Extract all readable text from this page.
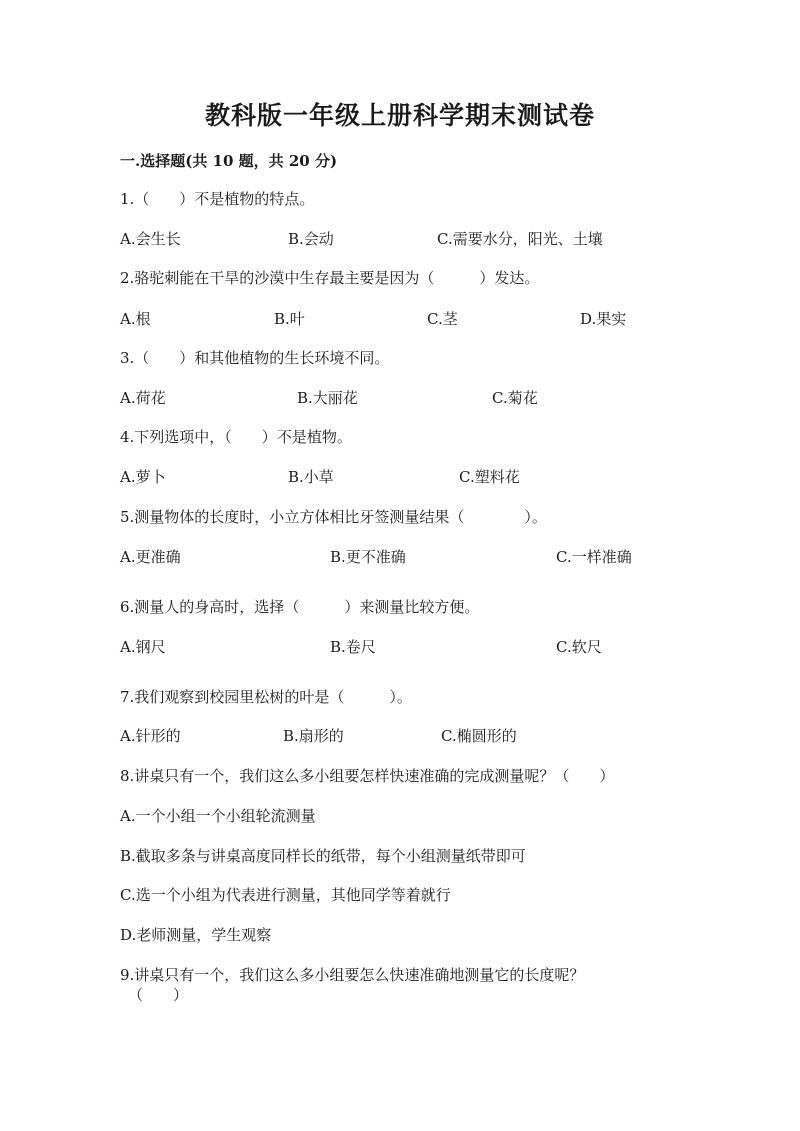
教科版一年级上册科学期末测试卷
一.选择题(共 10 题，共 20 分)
1.（　　）不是植物的特点。
A.会生长	B.会动	C.需要水分，阳光、土壤
2.骆驼刺能在干旱的沙漠中生存最主要是因为（　　　）发达。
A.根	B.叶	C.茎	D.果实
3.（　　）和其他植物的生长环境不同。
A.荷花	B.大丽花	C.菊花
4.下列选项中，（　　）不是植物。
A.萝卜	B.小草	C.塑料花
5.测量物体的长度时，小立方体相比牙签测量结果（　　　　）。
A.更准确	B.更不准确	C.一样准确
6.测量人的身高时，选择（　　　）来测量比较方便。
A.钢尺	B.卷尺	C.软尺
7.我们观察到校园里松树的叶是（　　　）。
A.针形的	B.扇形的	C.椭圆形的
8.讲桌只有一个，我们这么多小组要怎样快速准确的完成测量呢？（　　）
A.一个小组一个小组轮流测量
B.截取多条与讲桌高度同样长的纸带，每个小组测量纸带即可
C.选一个小组为代表进行测量，其他同学等着就行
D.老师测量，学生观察
9.讲桌只有一个，我们这么多小组要怎么快速准确地测量它的长度呢？
（　　）
